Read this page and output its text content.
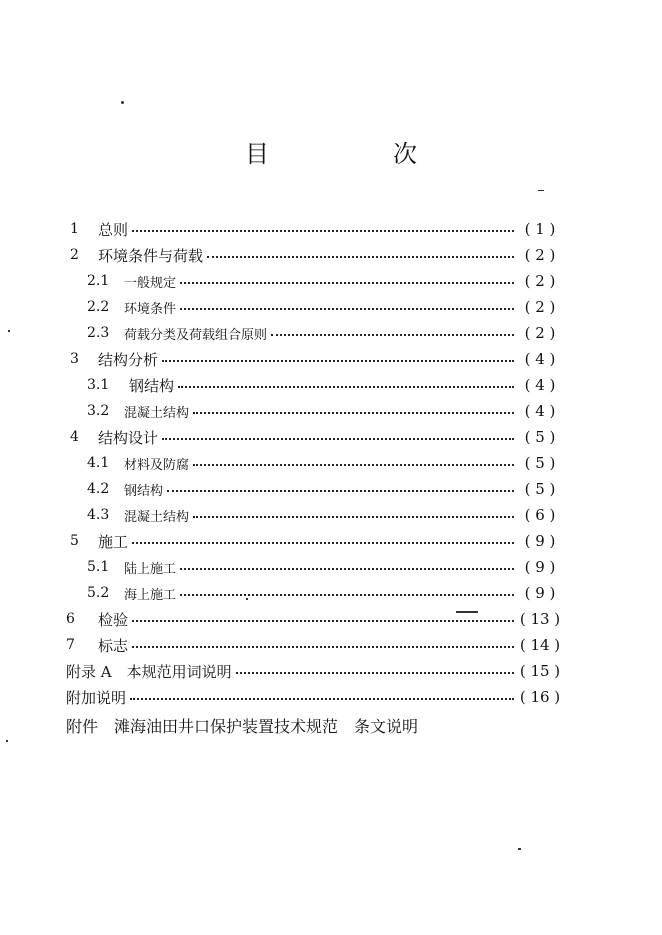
目　次
1	总则	( 1 )
2	环境条件与荷载	( 2 )
2.1	一般规定	( 2 )
2.2	环境条件	( 2 )
2.3	荷载分类及荷载组合原则	( 2 )
3	结构分析	( 4 )
3.1	钢结构	( 4 )
3.2	混凝土结构	( 4 )
4	结构设计	( 5 )
4.1	材料及防腐	( 5 )
4.2	钢结构	( 5 )
4.3	混凝土结构	( 6 )
5	施工	( 9 )
5.1	陆上施工	( 9 )
5.2	海上施工	( 9 )
6	检验	( 13 )
7	标志	( 14 )
附录 A　本规范用词说明	( 15 )
附加说明	( 16 )
附件　滩海油田井口保护装置技术规范　条文说明
